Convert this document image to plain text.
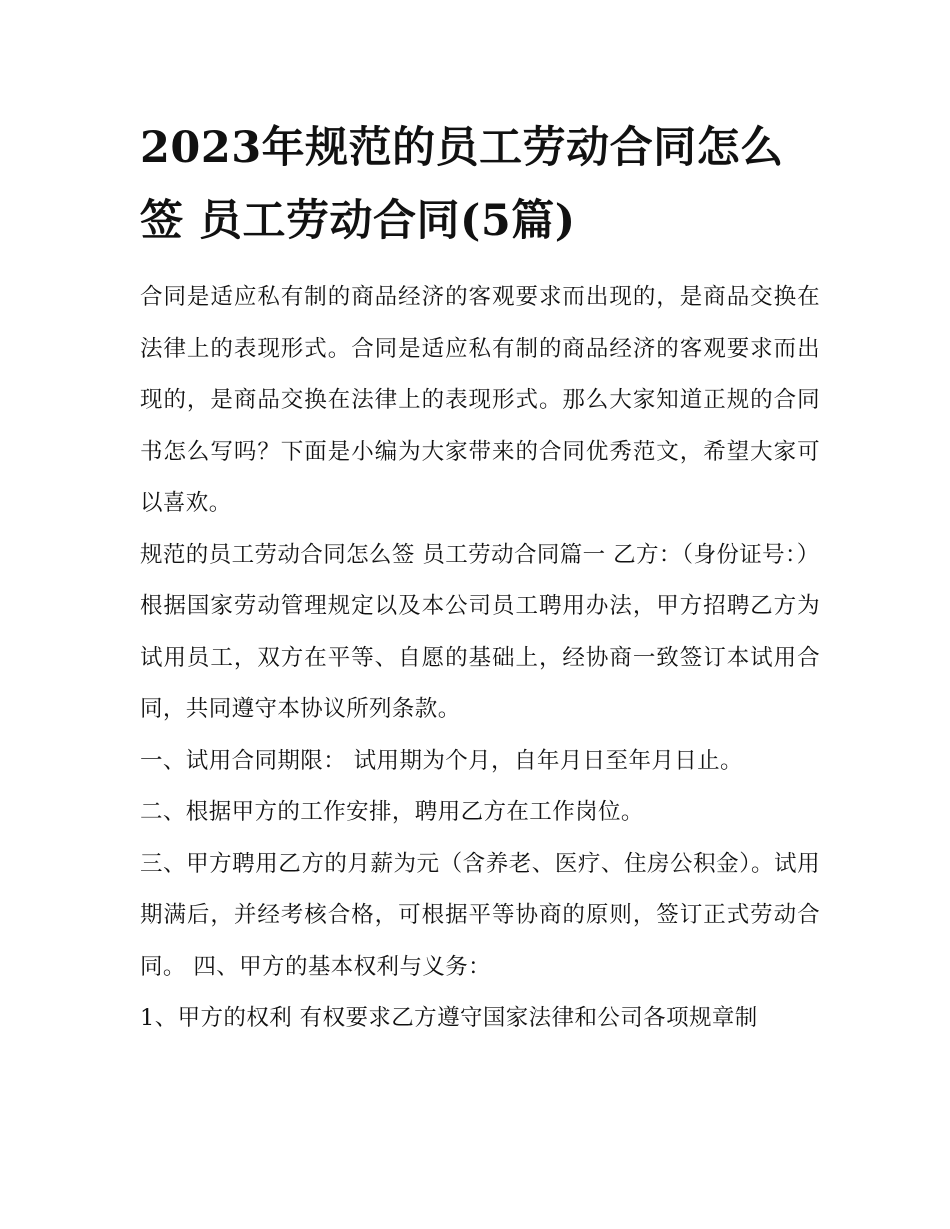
2023年规范的员工劳动合同怎么签 员工劳动合同(5篇)

合同是适应私有制的商品经济的客观要求而出现的，是商品交换在法律上的表现形式。合同是适应私有制的商品经济的客观要求而出现的，是商品交换在法律上的表现形式。那么大家知道正规的合同书怎么写吗？下面是小编为大家带来的合同优秀范文，希望大家可以喜欢。

规范的员工劳动合同怎么签 员工劳动合同篇一 乙方：（身份证号：）

根据国家劳动管理规定以及本公司员工聘用办法，甲方招聘乙方为试用员工，双方在平等、自愿的基础上，经协商一致签订本试用合同，共同遵守本协议所列条款。

一、试用合同期限： 试用期为个月，自年月日至年月日止。

二、根据甲方的工作安排，聘用乙方在工作岗位。

三、甲方聘用乙方的月薪为元（含养老、医疗、住房公积金）。试用期满后，并经考核合格，可根据平等协商的原则，签订正式劳动合同。 四、甲方的基本权利与义务：

1、甲方的权利 有权要求乙方遵守国家法律和公司各项规章制
